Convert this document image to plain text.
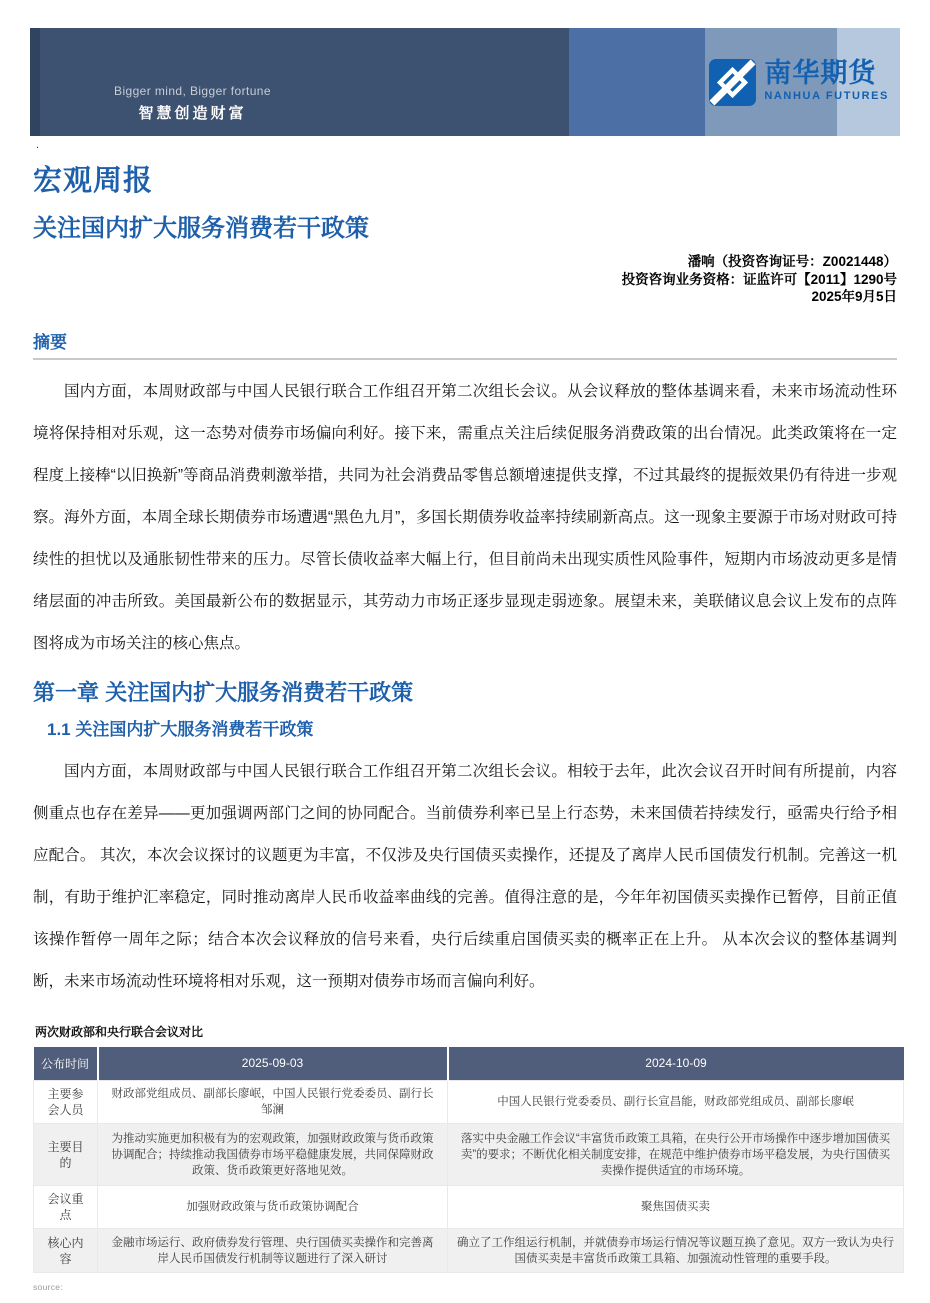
Bigger mind, Bigger fortune
智慧创造财富
南华期货
NANHUA FUTURES
.
宏观周报
关注国内扩大服务消费若干政策
潘响（投资咨询证号：Z0021448）
投资咨询业务资格：证监许可【2011】1290号
2025年9月5日
摘要

国内方面，本周财政部与中国人民银行联合工作组召开第二次组长会议。从会议释放的整体基调来看，未来市场流动性环境将保持相对乐观，这一态势对债券市场偏向利好。接下来，需重点关注后续促服务消费政策的出台情况。此类政策将在一定程度上接棒“以旧换新”等商品消费刺激举措，共同为社会消费品零售总额增速提供支撑，不过其最终的提振效果仍有待进一步观察。海外方面，本周全球长期债券市场遭遇“黑色九月”，多国长期债券收益率持续刷新高点。这一现象主要源于市场对财政可持续性的担忧以及通胀韧性带来的压力。尽管长债收益率大幅上行，但目前尚未出现实质性风险事件，短期内市场波动更多是情绪层面的冲击所致。美国最新公布的数据显示，其劳动力市场正逐步显现走弱迹象。展望未来，美联储议息会议上发布的点阵图将成为市场关注的核心焦点。

第一章 关注国内扩大服务消费若干政策
1.1 关注国内扩大服务消费若干政策

国内方面，本周财政部与中国人民银行联合工作组召开第二次组长会议。相较于去年，此次会议召开时间有所提前，内容侧重点也存在差异——更加强调两部门之间的协同配合。当前债券利率已呈上行态势，未来国债若持续发行，亟需央行给予相应配合。 其次，本次会议探讨的议题更为丰富，不仅涉及央行国债买卖操作，还提及了离岸人民币国债发行机制。完善这一机制，有助于维护汇率稳定，同时推动离岸人民币收益率曲线的完善。值得注意的是，今年年初国债买卖操作已暂停，目前正值该操作暂停一周年之际；结合本次会议释放的信号来看，央行后续重启国债买卖的概率正在上升。 从本次会议的整体基调判断，未来市场流动性环境将相对乐观，这一预期对债券市场而言偏向利好。

两次财政部和央行联合会议对比
公布时间	2025-09-03	2024-10-09
主要参会人员	财政部党组成员、副部长廖岷，中国人民银行党委委员、副行长邹澜	中国人民银行党委委员、副行长宣昌能，财政部党组成员、副部长廖岷
主要目的	为推动实施更加积极有为的宏观政策，加强财政政策与货币政策协调配合；持续推动我国债券市场平稳健康发展，共同保障财政政策、货币政策更好落地见效。	落实中央金融工作会议“丰富货币政策工具箱，在央行公开市场操作中逐步增加国债买卖”的要求；不断优化相关制度安排，在规范中维护债券市场平稳发展，为央行国债买卖操作提供适宜的市场环境。
会议重点	加强财政政策与货币政策协调配合	聚焦国债买卖
核心内容	金融市场运行、政府债券发行管理、央行国债买卖操作和完善离岸人民币国债发行机制等议题进行了深入研讨	确立了工作组运行机制，并就债券市场运行情况等议题互换了意见。双方一致认为央行国债买卖是丰富货币政策工具箱、加强流动性管理的重要手段。
source:
